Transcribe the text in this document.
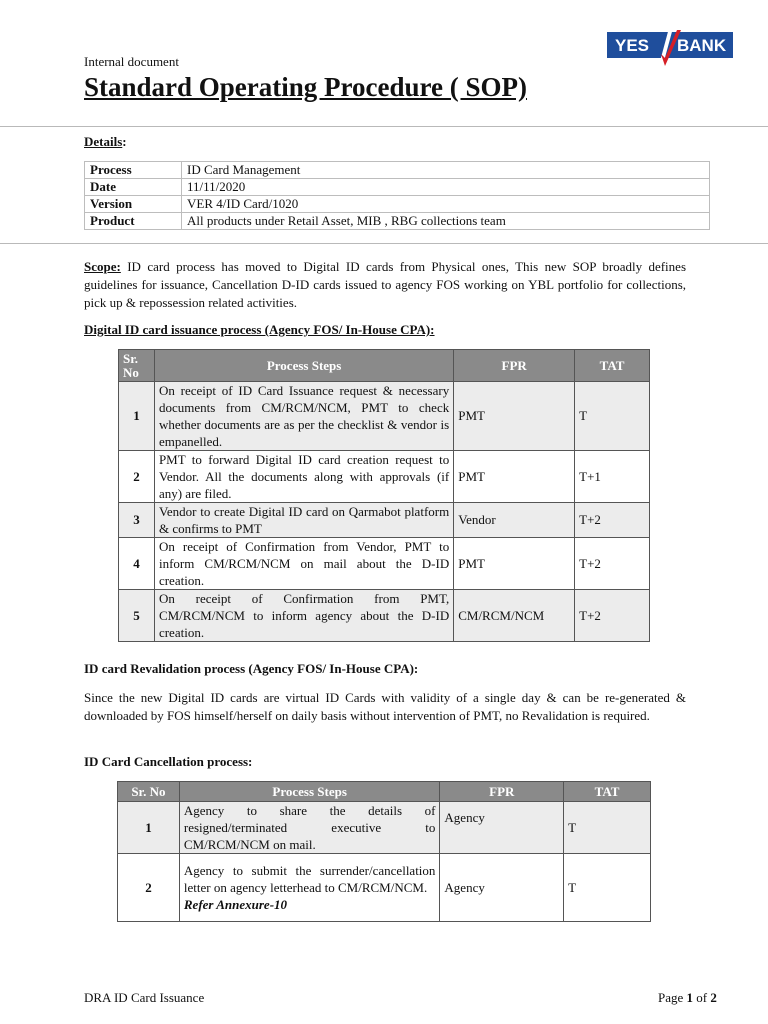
Internal document
Standard Operating Procedure ( SOP)
YES BANK
Details:
Process	ID Card Management
Date	11/11/2020
Version	VER 4/ID Card/1020
Product	All products under Retail Asset, MIB , RBG collections team
Scope: ID card process has moved to Digital ID cards from Physical ones, This new SOP broadly defines guidelines for issuance, Cancellation D-ID cards issued to agency FOS working on YBL portfolio for collections, pick up & repossession related activities.
Digital ID card issuance process (Agency FOS/ In-House CPA):
Sr. No	Process Steps	FPR	TAT
1	On receipt of ID Card Issuance request & necessary documents from CM/RCM/NCM, PMT to check whether documents are as per the checklist & vendor is empanelled.	PMT	T
2	PMT to forward Digital ID card creation request to Vendor. All the documents along with approvals (if any) are filed.	PMT	T+1
3	Vendor to create Digital ID card on Qarmabot platform & confirms to PMT	Vendor	T+2
4	On receipt of Confirmation from Vendor, PMT to inform CM/RCM/NCM on mail about the D-ID creation.	PMT	T+2
5	On receipt of Confirmation from PMT, CM/RCM/NCM to inform agency about the D-ID creation.	CM/RCM/NCM	T+2
ID card Revalidation process (Agency FOS/ In-House CPA):
Since the new Digital ID cards are virtual ID Cards with validity of a single day & can be re-generated & downloaded by FOS himself/herself on daily basis without intervention of PMT, no Revalidation is required.
ID Card Cancellation process:
Sr. No	Process Steps	FPR	TAT
1	Agency to share the details of resigned/terminated executive to CM/RCM/NCM on mail.	Agency	T
2	Agency to submit the surrender/cancellation letter on agency letterhead to CM/RCM/NCM.
Refer Annexure-10	Agency	T
DRA ID Card Issuance	Page 1 of 2
